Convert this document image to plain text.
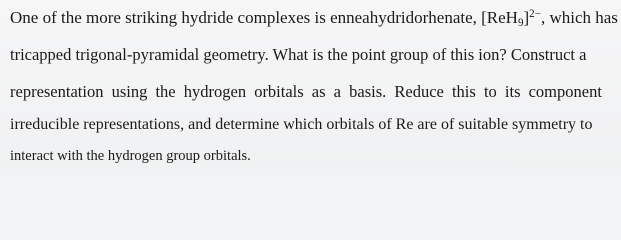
One of the more striking hydride complexes is enneahydridorhenate, $[ReH_9]^{2-}$, which has
tricapped trigonal-pyramidal geometry. What is the point group of this ion? Construct a
representation using the hydrogen orbitals as a basis. Reduce this to its component
irreducible representations, and determine which orbitals of Re are of suitable symmetry to
interact with the hydrogen group orbitals.
